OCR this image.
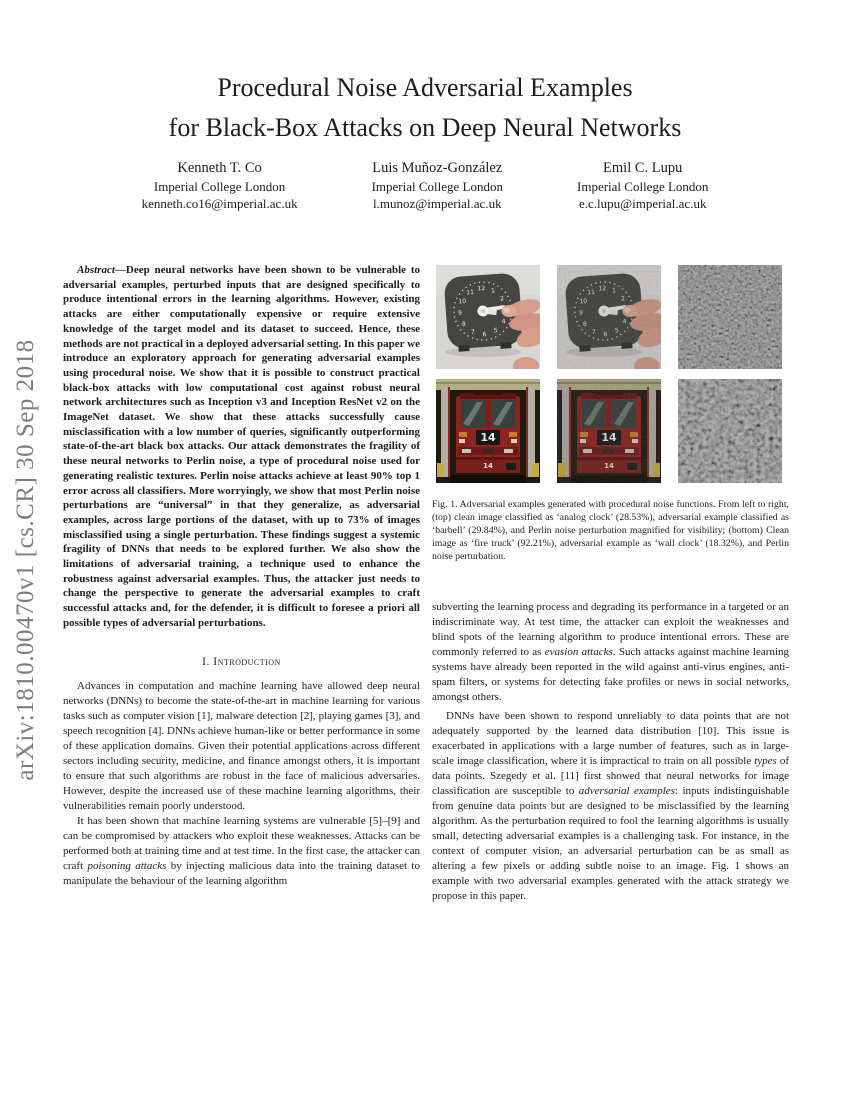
arXiv:1810.00470v1 [cs.CR] 30 Sep 2018
Procedural Noise Adversarial Examples
for Black-Box Attacks on Deep Neural Networks
Kenneth T. Co
Imperial College London
kenneth.co16@imperial.ac.uk
Luis Muñoz-González
Imperial College London
l.munoz@imperial.ac.uk
Emil C. Lupu
Imperial College London
e.c.lupu@imperial.ac.uk

Abstract—Deep neural networks have been shown to be vulnerable to adversarial examples, perturbed inputs that are designed specifically to produce intentional errors in the learning algorithms. However, existing attacks are either computationally expensive or require extensive knowledge of the target model and its dataset to succeed. Hence, these methods are not practical in a deployed adversarial setting. In this paper we introduce an exploratory approach for generating adversarial examples using procedural noise. We show that it is possible to construct practical black-box attacks with low computational cost against robust neural network architectures such as Inception v3 and Inception ResNet v2 on the ImageNet dataset. We show that these attacks successfully cause misclassification with a low number of queries, significantly outperforming state-of-the-art black box attacks. Our attack demonstrates the fragility of these neural networks to Perlin noise, a type of procedural noise used for generating realistic textures. Perlin noise attacks achieve at least 90% top 1 error across all classifiers. More worryingly, we show that most Perlin noise perturbations are “universal” in that they generalize, as adversarial examples, across large portions of the dataset, with up to 73% of images misclassified using a single perturbation. These findings suggest a systemic fragility of DNNs that needs to be explored further. We also show the limitations of adversarial training, a technique used to enhance the robustness against adversarial examples. Thus, the attacker just needs to change the perspective to generate the adversarial examples to craft successful attacks and, for the defender, it is difficult to foresee a priori all possible types of adversarial perturbations.

I. Introduction

Advances in computation and machine learning have allowed deep neural networks (DNNs) to become the state-of-the-art in machine learning for various tasks such as computer vision [1], malware detection [2], playing games [3], and speech recognition [4]. DNNs achieve human-like or better performance in some of these application domains. Given their potential applications across different sectors including security, medicine, and finance amongst others, it is important to ensure that such algorithms are robust in the face of malicious adversaries. However, despite the increased use of these machine learning algorithms, their vulnerabilities remain poorly understood.

It has been shown that machine learning systems are vulnerable [5]–[9] and can be compromised by attackers who exploit these weaknesses. Attacks can be performed both at training time and at test time. In the first case, the attacker can craft poisoning attacks by injecting malicious data into the training dataset to manipulate the behaviour of the learning algorithm

14
14
14
14
Fig. 1. Adversarial examples generated with procedural noise functions. From left to right, (top) clean image classified as ‘analog clock’ (28.53%), adversarial example classified as ‘barbell’ (29.84%), and Perlin noise perturbation magnified for visibility; (bottom) Clean image as ‘fire truck’ (92.21%), adversarial example as ‘wall clock’ (18.32%), and Perlin noise perturbation.

subverting the learning process and degrading its performance in a targeted or an indiscriminate way. At test time, the attacker can exploit the weaknesses and blind spots of the learning algorithm to produce intentional errors. These are commonly referred to as evasion attacks. Such attacks against machine learning systems have already been reported in the wild against anti-virus engines, anti-spam filters, or systems for detecting fake profiles or news in social networks, amongst others.

DNNs have been shown to respond unreliably to data points that are not adequately supported by the learned data distribution [10]. This issue is exacerbated in applications with a large number of features, such as in large-scale image classification, where it is impractical to train on all possible types of data points. Szegedy et al. [11] first showed that neural networks for image classification are susceptible to adversarial examples: inputs indistinguishable from genuine data points but are designed to be misclassified by the learning algorithm. As the perturbation required to fool the learning algorithms is usually small, detecting adversarial examples is a challenging task. For instance, in the context of computer vision, an adversarial perturbation can be as small as altering a few pixels or adding subtle noise to an image. Fig. 1 shows an example with two adversarial examples generated with the attack strategy we propose in this paper.
